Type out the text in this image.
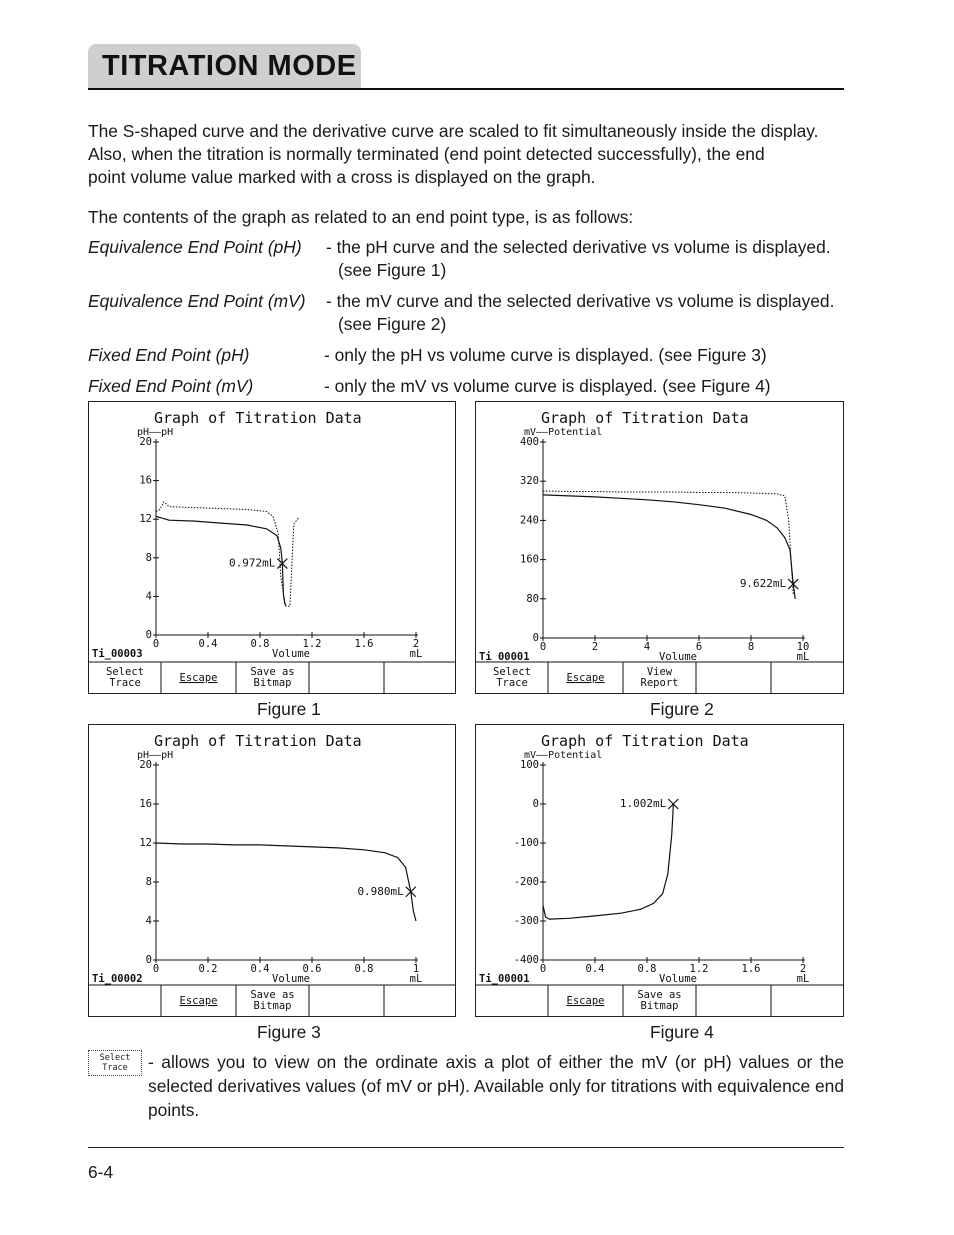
TITRATION MODE
The S-shaped curve and the derivative curve are scaled to fit simultaneously inside the display.
Also, when the titration is normally terminated (end point detected successfully), the end
point volume value marked with a cross is displayed on the graph.
The contents of the graph as related to an end point type, is as follows:
Equivalence End Point (pH) - the pH curve and the selected derivative vs volume is displayed.
(see Figure 1)
Equivalence End Point (mV) - the mV curve and the selected derivative vs volume is displayed.
(see Figure 2)
Fixed End Point (pH)	- only the pH vs volume curve is displayed. (see Figure 3)
Fixed End Point (mV)	- only the mV vs volume curve is displayed. (see Figure 4)
Graph of Titration Data
pH——pH
0
4
8
12
16
20
0	0.4	0.8	1.2	1.6	2
Ti_00003	Volume	mL
0.972mL
Select
Trace	Escape	Save as
Bitmap
Graph of Titration Data
mV——Potential
0
80
160
240
320
400
0	2	4	6	8	10
Ti_00001	Volume	mL
9.622mL
Select
Trace	Escape	View
Report
Graph of Titration Data
pH——pH
0
4
8
12
16
20
0	0.2	0.4	0.6	0.8	1
Ti_00002	Volume	mL
0.980mL
Escape	Save as
Bitmap
Graph of Titration Data
mV——Potential
-400
-300
-200
-100
0
100
0	0.4	0.8	1.2	1.6	2
Ti_00001	Volume	mL
1.002mL
Escape	Save as
Bitmap
Figure 1	Figure 2
Figure 3	Figure 4
Select
Trace	- allows you to view on the ordinate axis a plot of either the mV (or pH) values or the selected derivatives values (of mV or pH). Available only for titrations with equivalence end points.
6-4
